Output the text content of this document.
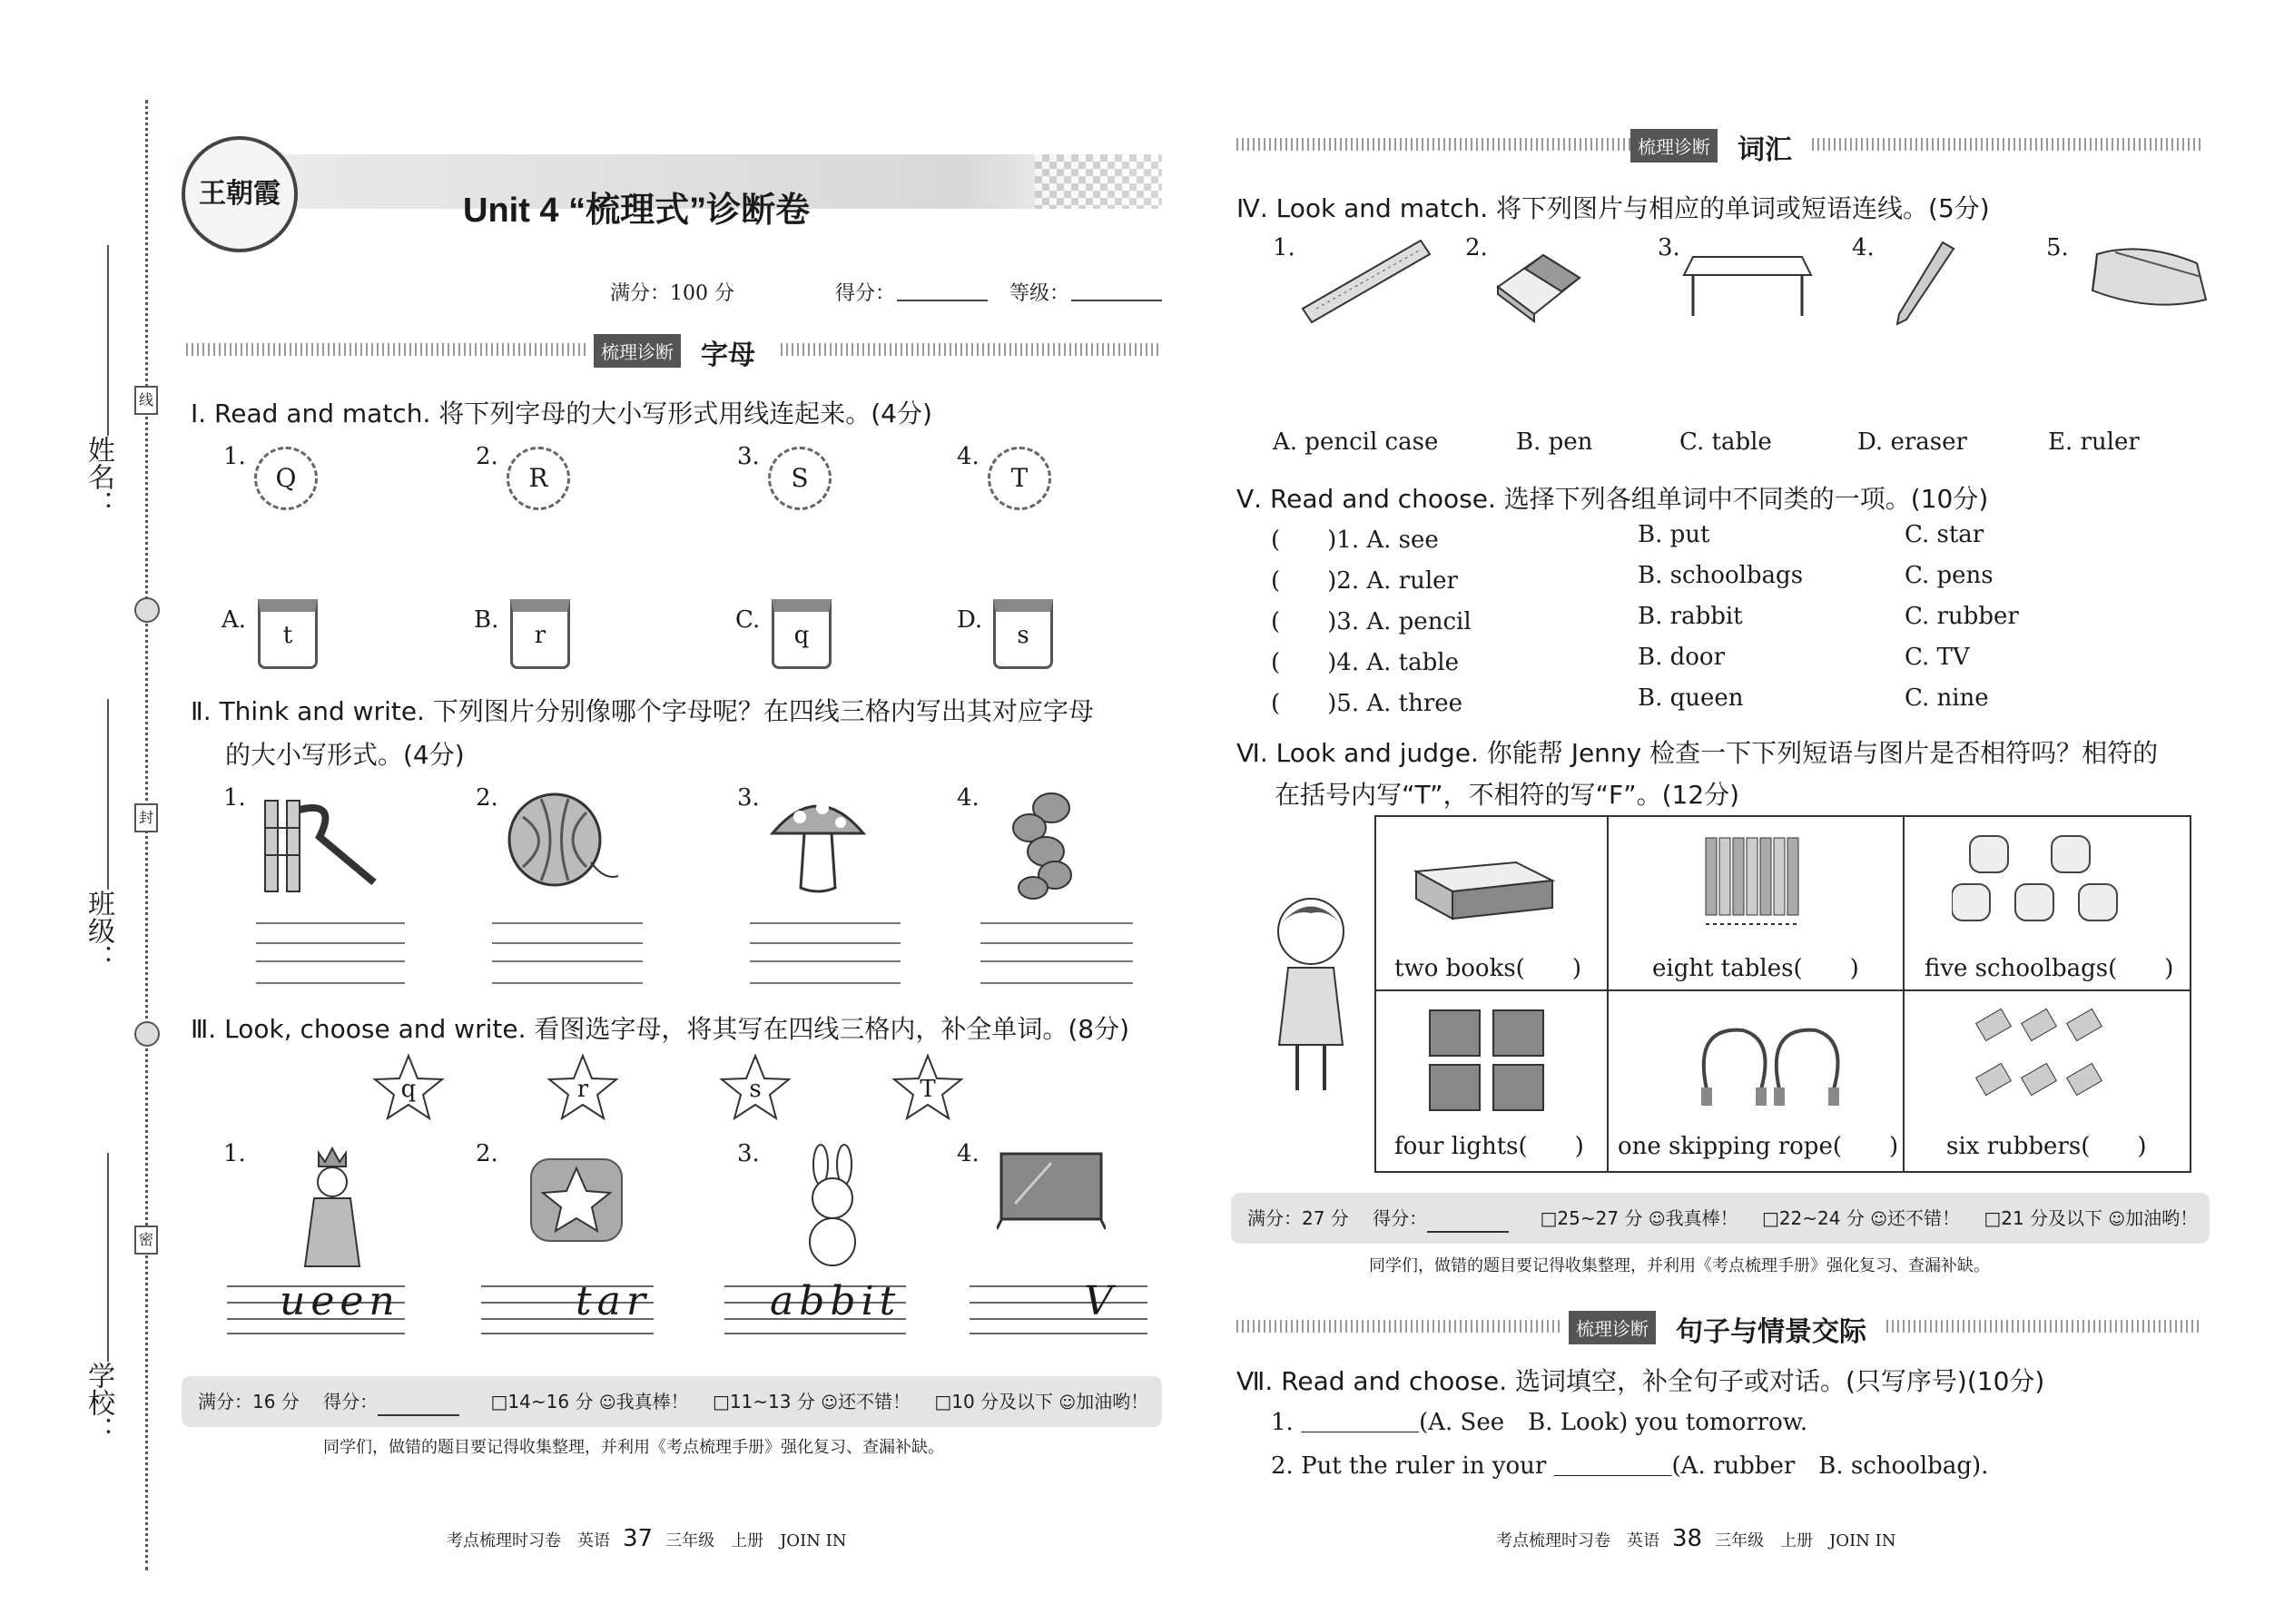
姓名：
班级：
学校：
线
封
密
王朝霞	Unit 4 “梳理式”诊断卷
满分：100 分	得分：	等级：
梳理诊断 字母
Ⅰ. Read and match. 将下列字母的大小写形式用线连起来。(4分)
1.
Q
2.
R
3.
S
4.
T
A.
t
B.
r
C.
q
D.
s
Ⅱ. Think and write. 下列图片分别像哪个字母呢？在四线三格内写出其对应字母
的大小写形式。(4分)
1.	2.	3.	4.
Ⅲ. Look, choose and write. 看图选字母，将其写在四线三格内，补全单词。(8分)
q	r	s	T
1.	2.	3.	4.
ueen	tar	abbit	V
满分：16 分 得分：	□14~16 分 ☺我真棒！ □11~13 分 ☺还不错！ □10 分及以下 ☺加油哟！
同学们，做错的题目要记得收集整理，并利用《考点梳理手册》强化复习、查漏补缺。
考点梳理时习卷　英语 37 三年级　上册　JOIN IN
梳理诊断 词汇
Ⅳ. Look and match. 将下列图片与相应的单词或短语连线。(5分)
1.	2.	3.	4.	5.
A. pencil case	B. pen	C. table	D. eraser	E. ruler
Ⅴ. Read and choose. 选择下列各组单词中不同类的一项。(10分)
(　　)1. A. see	B. put	C. star
(　　)2. A. ruler	B. schoolbags	C. pens
(　　)3. A. pencil	B. rabbit	C. rubber
(　　)4. A. table	B. door	C. TV
(　　)5. A. three	B. queen	C. nine
Ⅵ. Look and judge. 你能帮 Jenny 检查一下下列短语与图片是否相符吗？相符的
在括号内写“T”，不相符的写“F”。(12分)
two books(　　)	eight tables(　　)	five schoolbags(　　)
four lights(　　) one skipping rope(　　) six rubbers(　　)
满分：27 分 得分：	□25~27 分 ☺我真棒！ □22~24 分 ☺还不错！ □21 分及以下 ☺加油哟！
同学们，做错的题目要记得收集整理，并利用《考点梳理手册》强化复习、查漏补缺。
梳理诊断 句子与情景交际
Ⅶ. Read and choose. 选词填空，补全句子或对话。(只写序号)(10分)
1. ＿＿＿＿＿(A. See　B. Look) you tomorrow.
2. Put the ruler in your ＿＿＿＿＿(A. rubber　B. schoolbag).
考点梳理时习卷　英语 38 三年级　上册　JOIN IN
